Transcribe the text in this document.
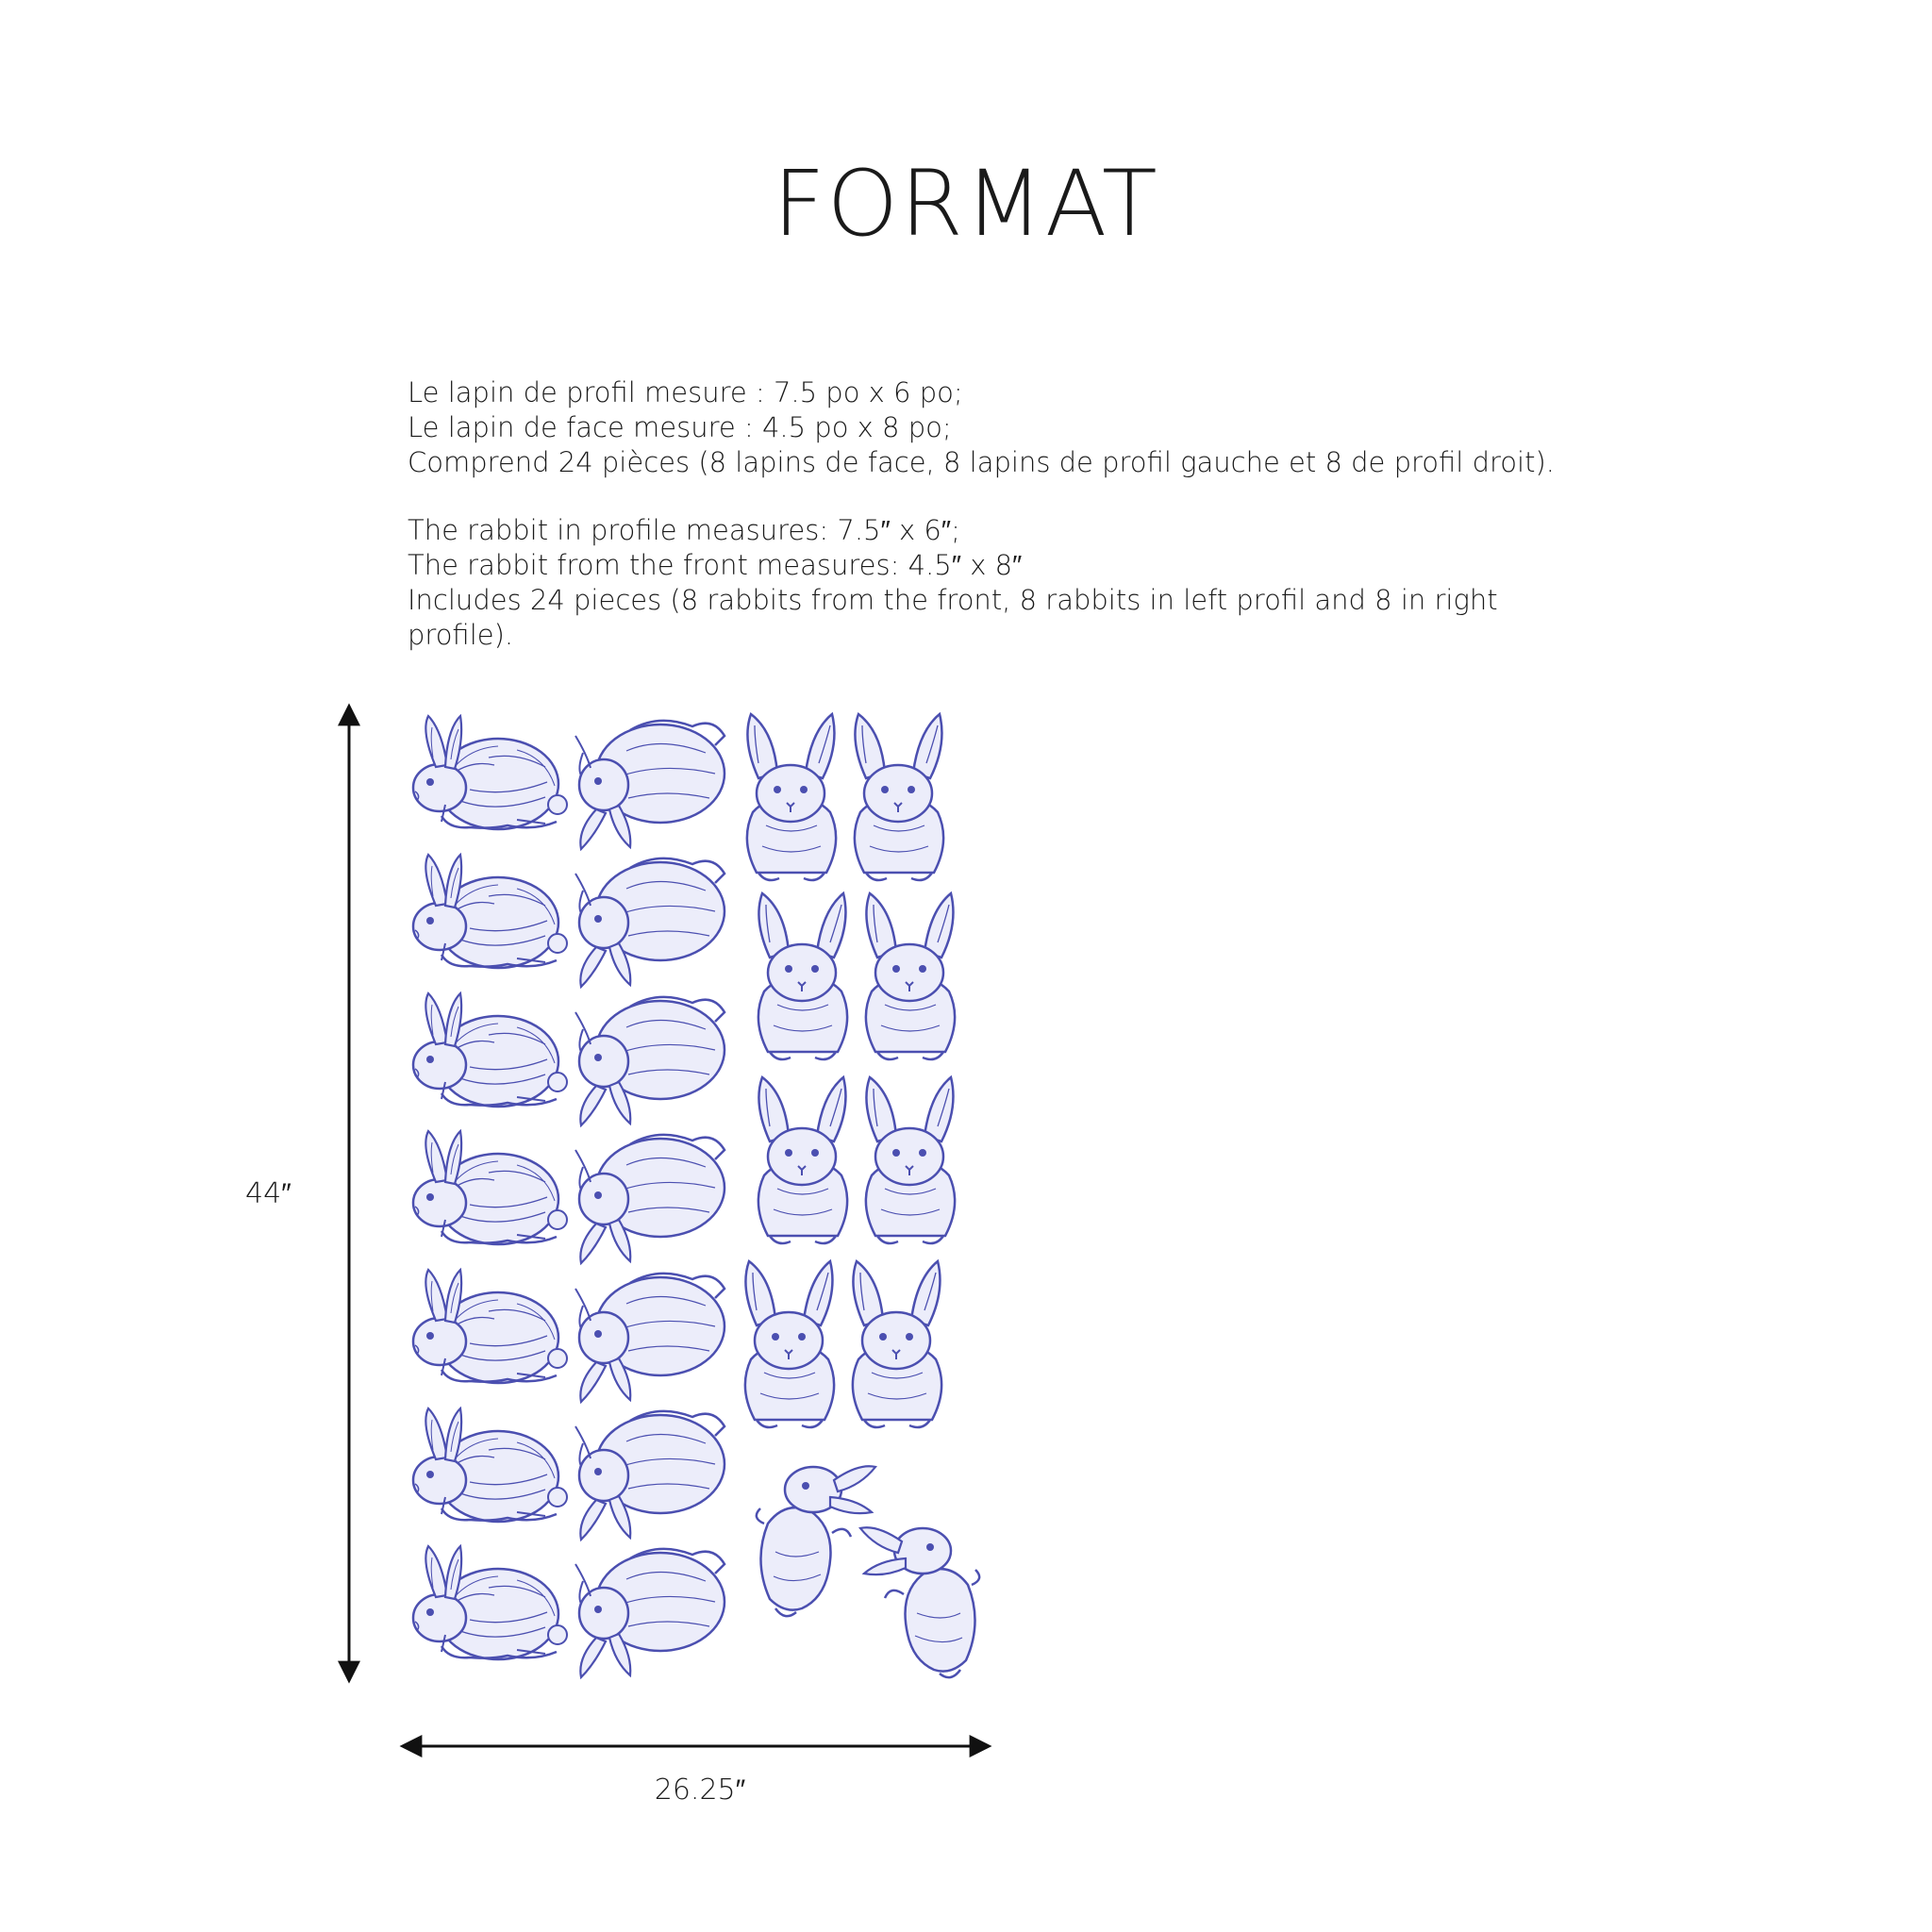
FORMAT
Le lapin de profil mesure : 7.5 po x 6 po;
Le lapin de face mesure : 4.5 po x 8 po;
Comprend 24 pièces (8 lapins de face, 8 lapins de profil gauche et 8 de profil droit).
The rabbit in profile measures: 7.5″ x 6″;
The rabbit from the front measures: 4.5″ x 8″
Includes 24 pieces (8 rabbits from the front, 8 rabbits in left profil and 8 in right
profile).
44″
26.25″
